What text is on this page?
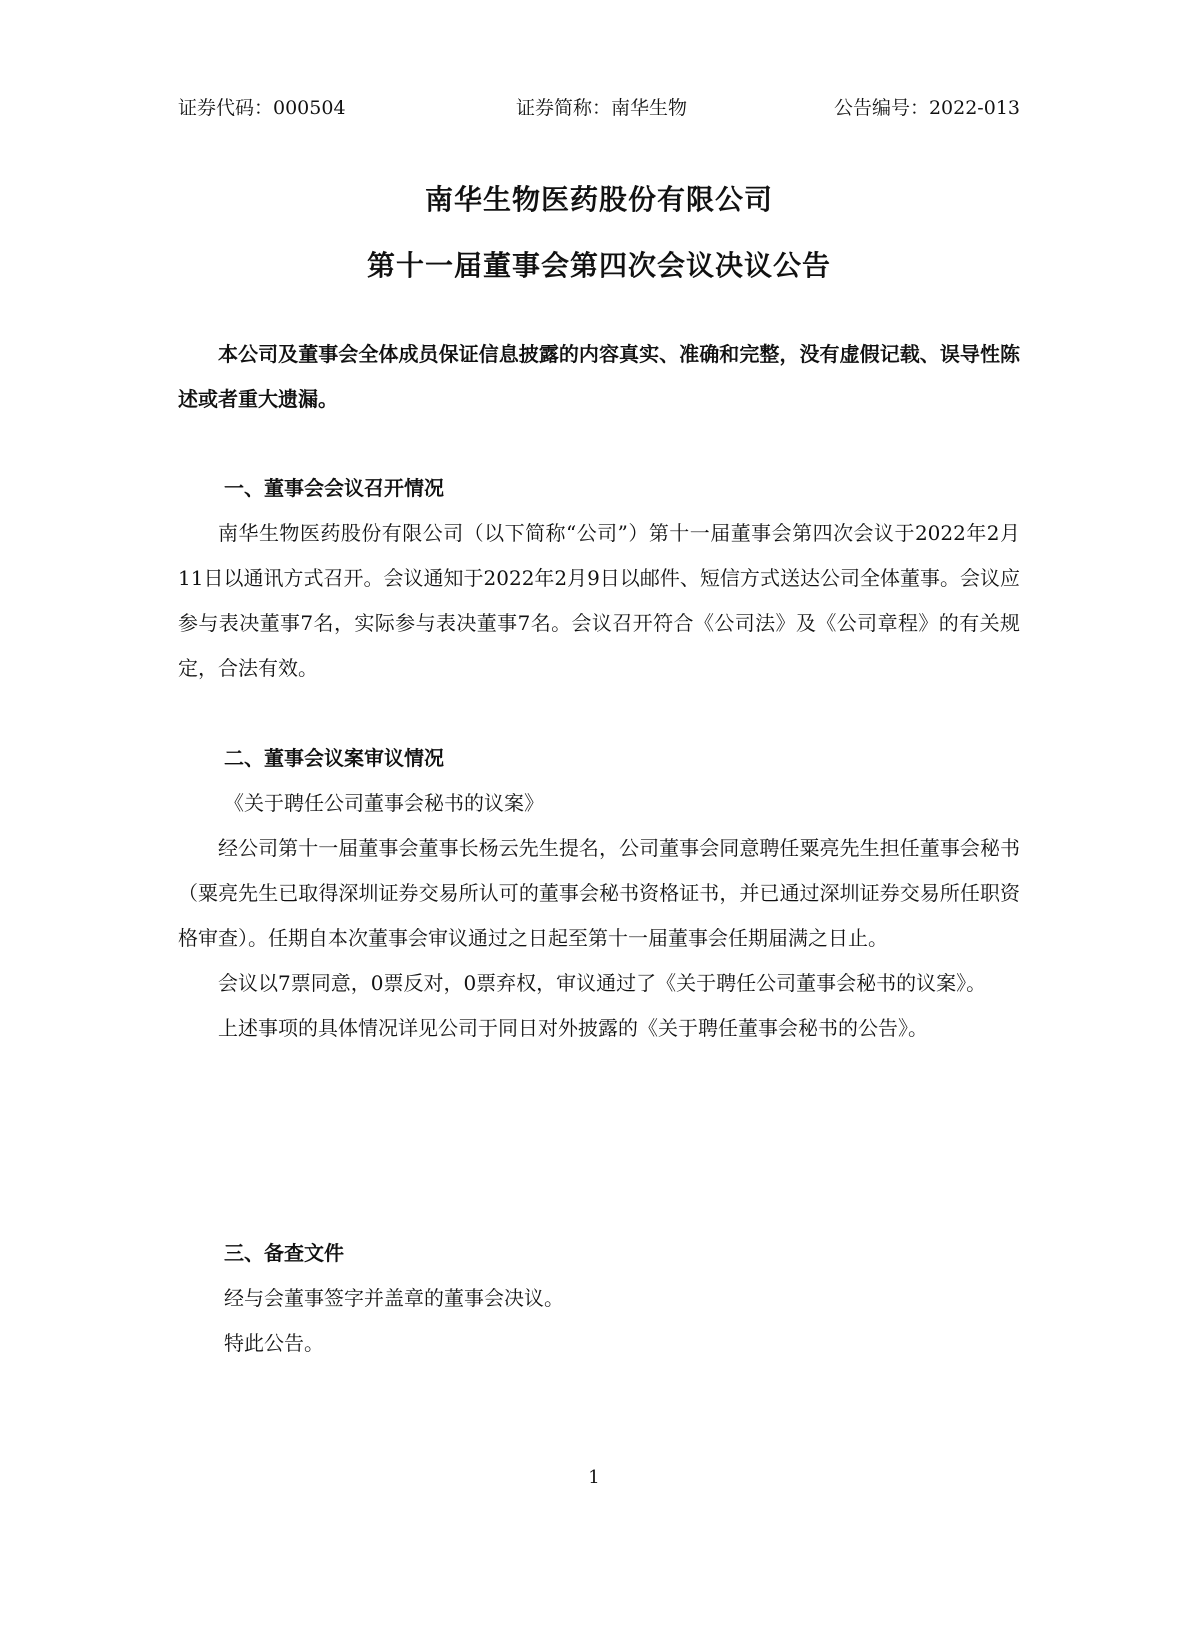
证券代码：000504	证券简称：南华生物	公告编号：2022-013
南华生物医药股份有限公司
第十一届董事会第四次会议决议公告

本公司及董事会全体成员保证信息披露的内容真实、准确和完整，没有虚假记载、误导性陈述或者重大遗漏。

一、董事会会议召开情况

南华生物医药股份有限公司（以下简称“公司”）第十一届董事会第四次会议于2022年2月11日以通讯方式召开。会议通知于2022年2月9日以邮件、短信方式送达公司全体董事。会议应参与表决董事7名，实际参与表决董事7名。会议召开符合《公司法》及《公司章程》的有关规定，合法有效。

二、董事会议案审议情况
《关于聘任公司董事会秘书的议案》

经公司第十一届董事会董事长杨云先生提名，公司董事会同意聘任粟亮先生担任董事会秘书（粟亮先生已取得深圳证券交易所认可的董事会秘书资格证书，并已通过深圳证券交易所任职资格审查）。任期自本次董事会审议通过之日起至第十一届董事会任期届满之日止。

会议以7票同意，0票反对，0票弃权，审议通过了《关于聘任公司董事会秘书的议案》。

上述事项的具体情况详见公司于同日对外披露的《关于聘任董事会秘书的公告》。

三、备查文件
经与会董事签字并盖章的董事会决议。
特此公告。
1
